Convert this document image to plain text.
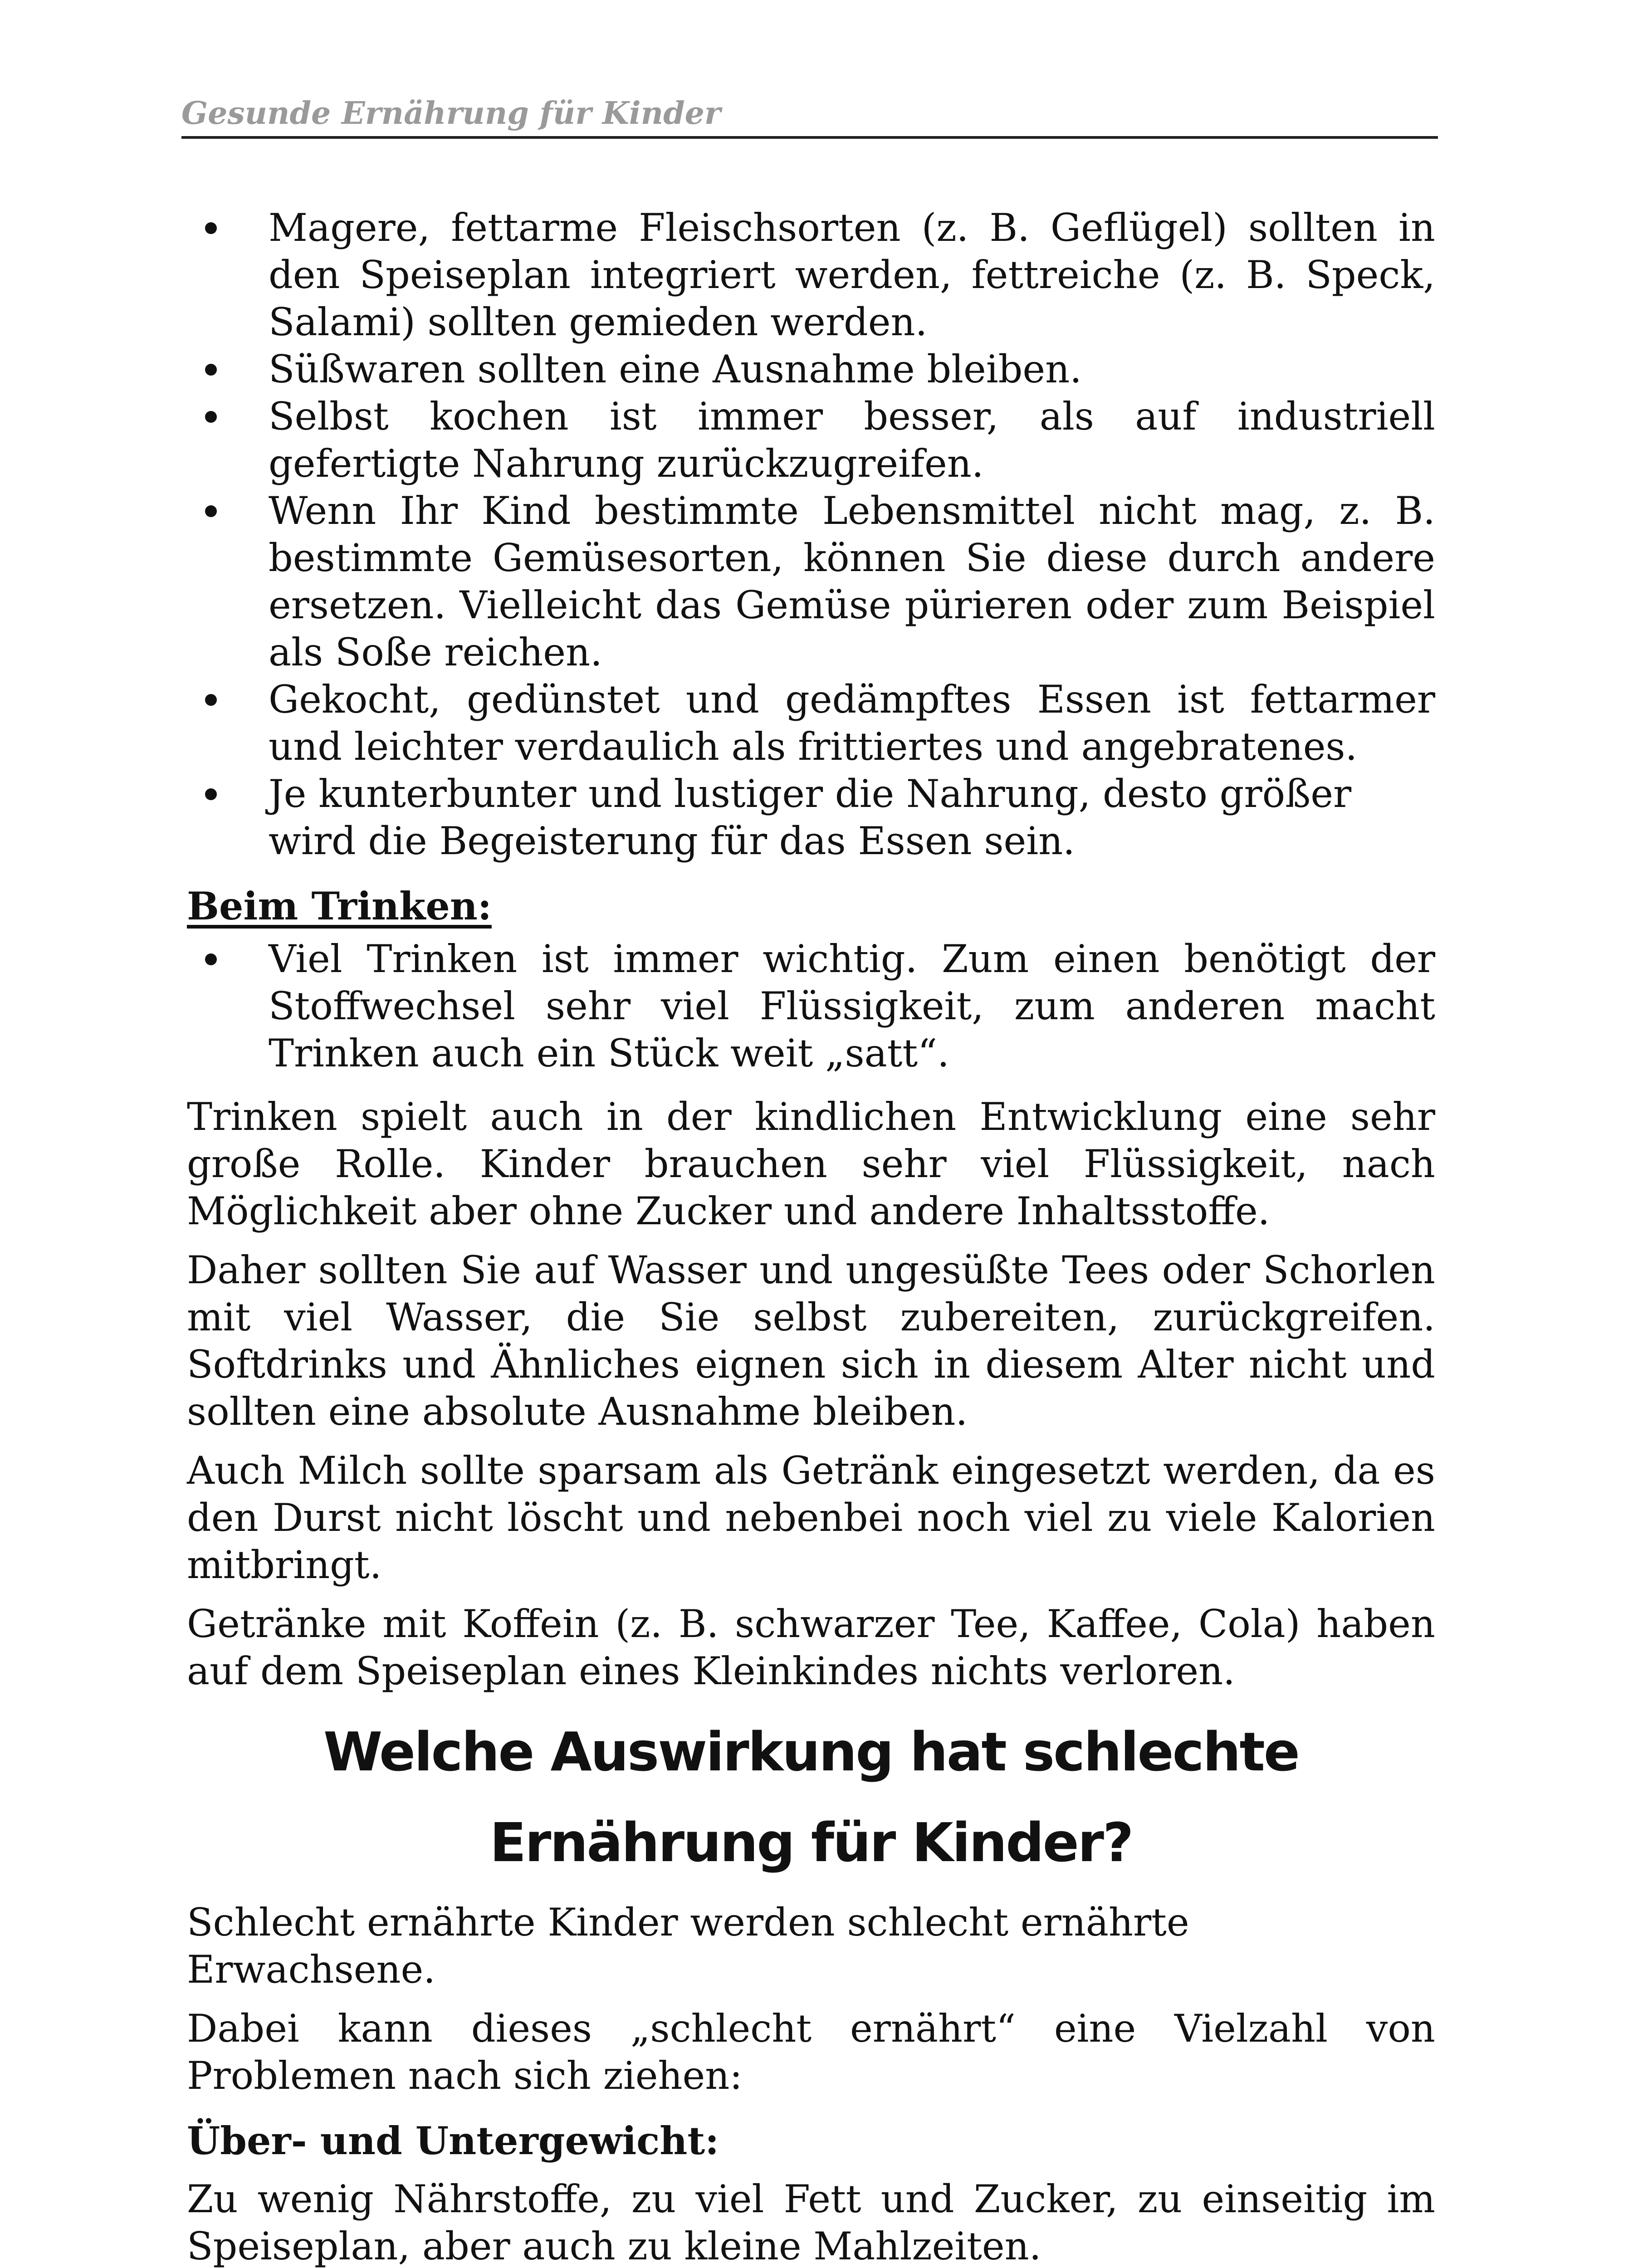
Gesunde Ernährung für Kinder
Magere, fettarme Fleischsorten (z. B. Geflügel) sollten in den Speiseplan integriert werden, fettreiche (z. B. Speck, Salami) sollten gemieden werden.
Süßwaren sollten eine Ausnahme bleiben.
Selbst kochen ist immer besser, als auf industriell gefertigte Nahrung zurückzugreifen.
Wenn Ihr Kind bestimmte Lebensmittel nicht mag, z. B. bestimmte Gemüsesorten, können Sie diese durch andere ersetzen. Vielleicht das Gemüse pürieren oder zum Beispiel als Soße reichen.
Gekocht, gedünstet und gedämpftes Essen ist fettarmer und leichter verdaulich als frittiertes und angebratenes.
Je kunterbunter und lustiger die Nahrung, desto größer wird die Begeisterung für das Essen sein.
Beim Trinken:
Viel Trinken ist immer wichtig. Zum einen benötigt der Stoffwechsel sehr viel Flüssigkeit, zum anderen macht Trinken auch ein Stück weit „satt“.

Trinken spielt auch in der kindlichen Entwicklung eine sehr große Rolle. Kinder brauchen sehr viel Flüssigkeit, nach Möglichkeit aber ohne Zucker und andere Inhaltsstoffe.

Daher sollten Sie auf Wasser und ungesüßte Tees oder Schorlen mit viel Wasser, die Sie selbst zubereiten, zurückgreifen. Softdrinks und Ähnliches eignen sich in diesem Alter nicht und sollten eine absolute Ausnahme bleiben.

Auch Milch sollte sparsam als Getränk eingesetzt werden, da es den Durst nicht löscht und nebenbei noch viel zu viele Kalorien mitbringt.

Getränke mit Koffein (z. B. schwarzer Tee, Kaffee, Cola) haben auf dem Speiseplan eines Kleinkindes nichts verloren.

Welche Auswirkung hat schlechte
Ernährung für Kinder?

Schlecht ernährte Kinder werden schlecht ernährte Erwachsene.

Dabei kann dieses „schlecht ernährt“ eine Vielzahl von Problemen nach sich ziehen:

Über- und Untergewicht:

Zu wenig Nährstoffe, zu viel Fett und Zucker, zu einseitig im Speiseplan, aber auch zu kleine Mahlzeiten.
